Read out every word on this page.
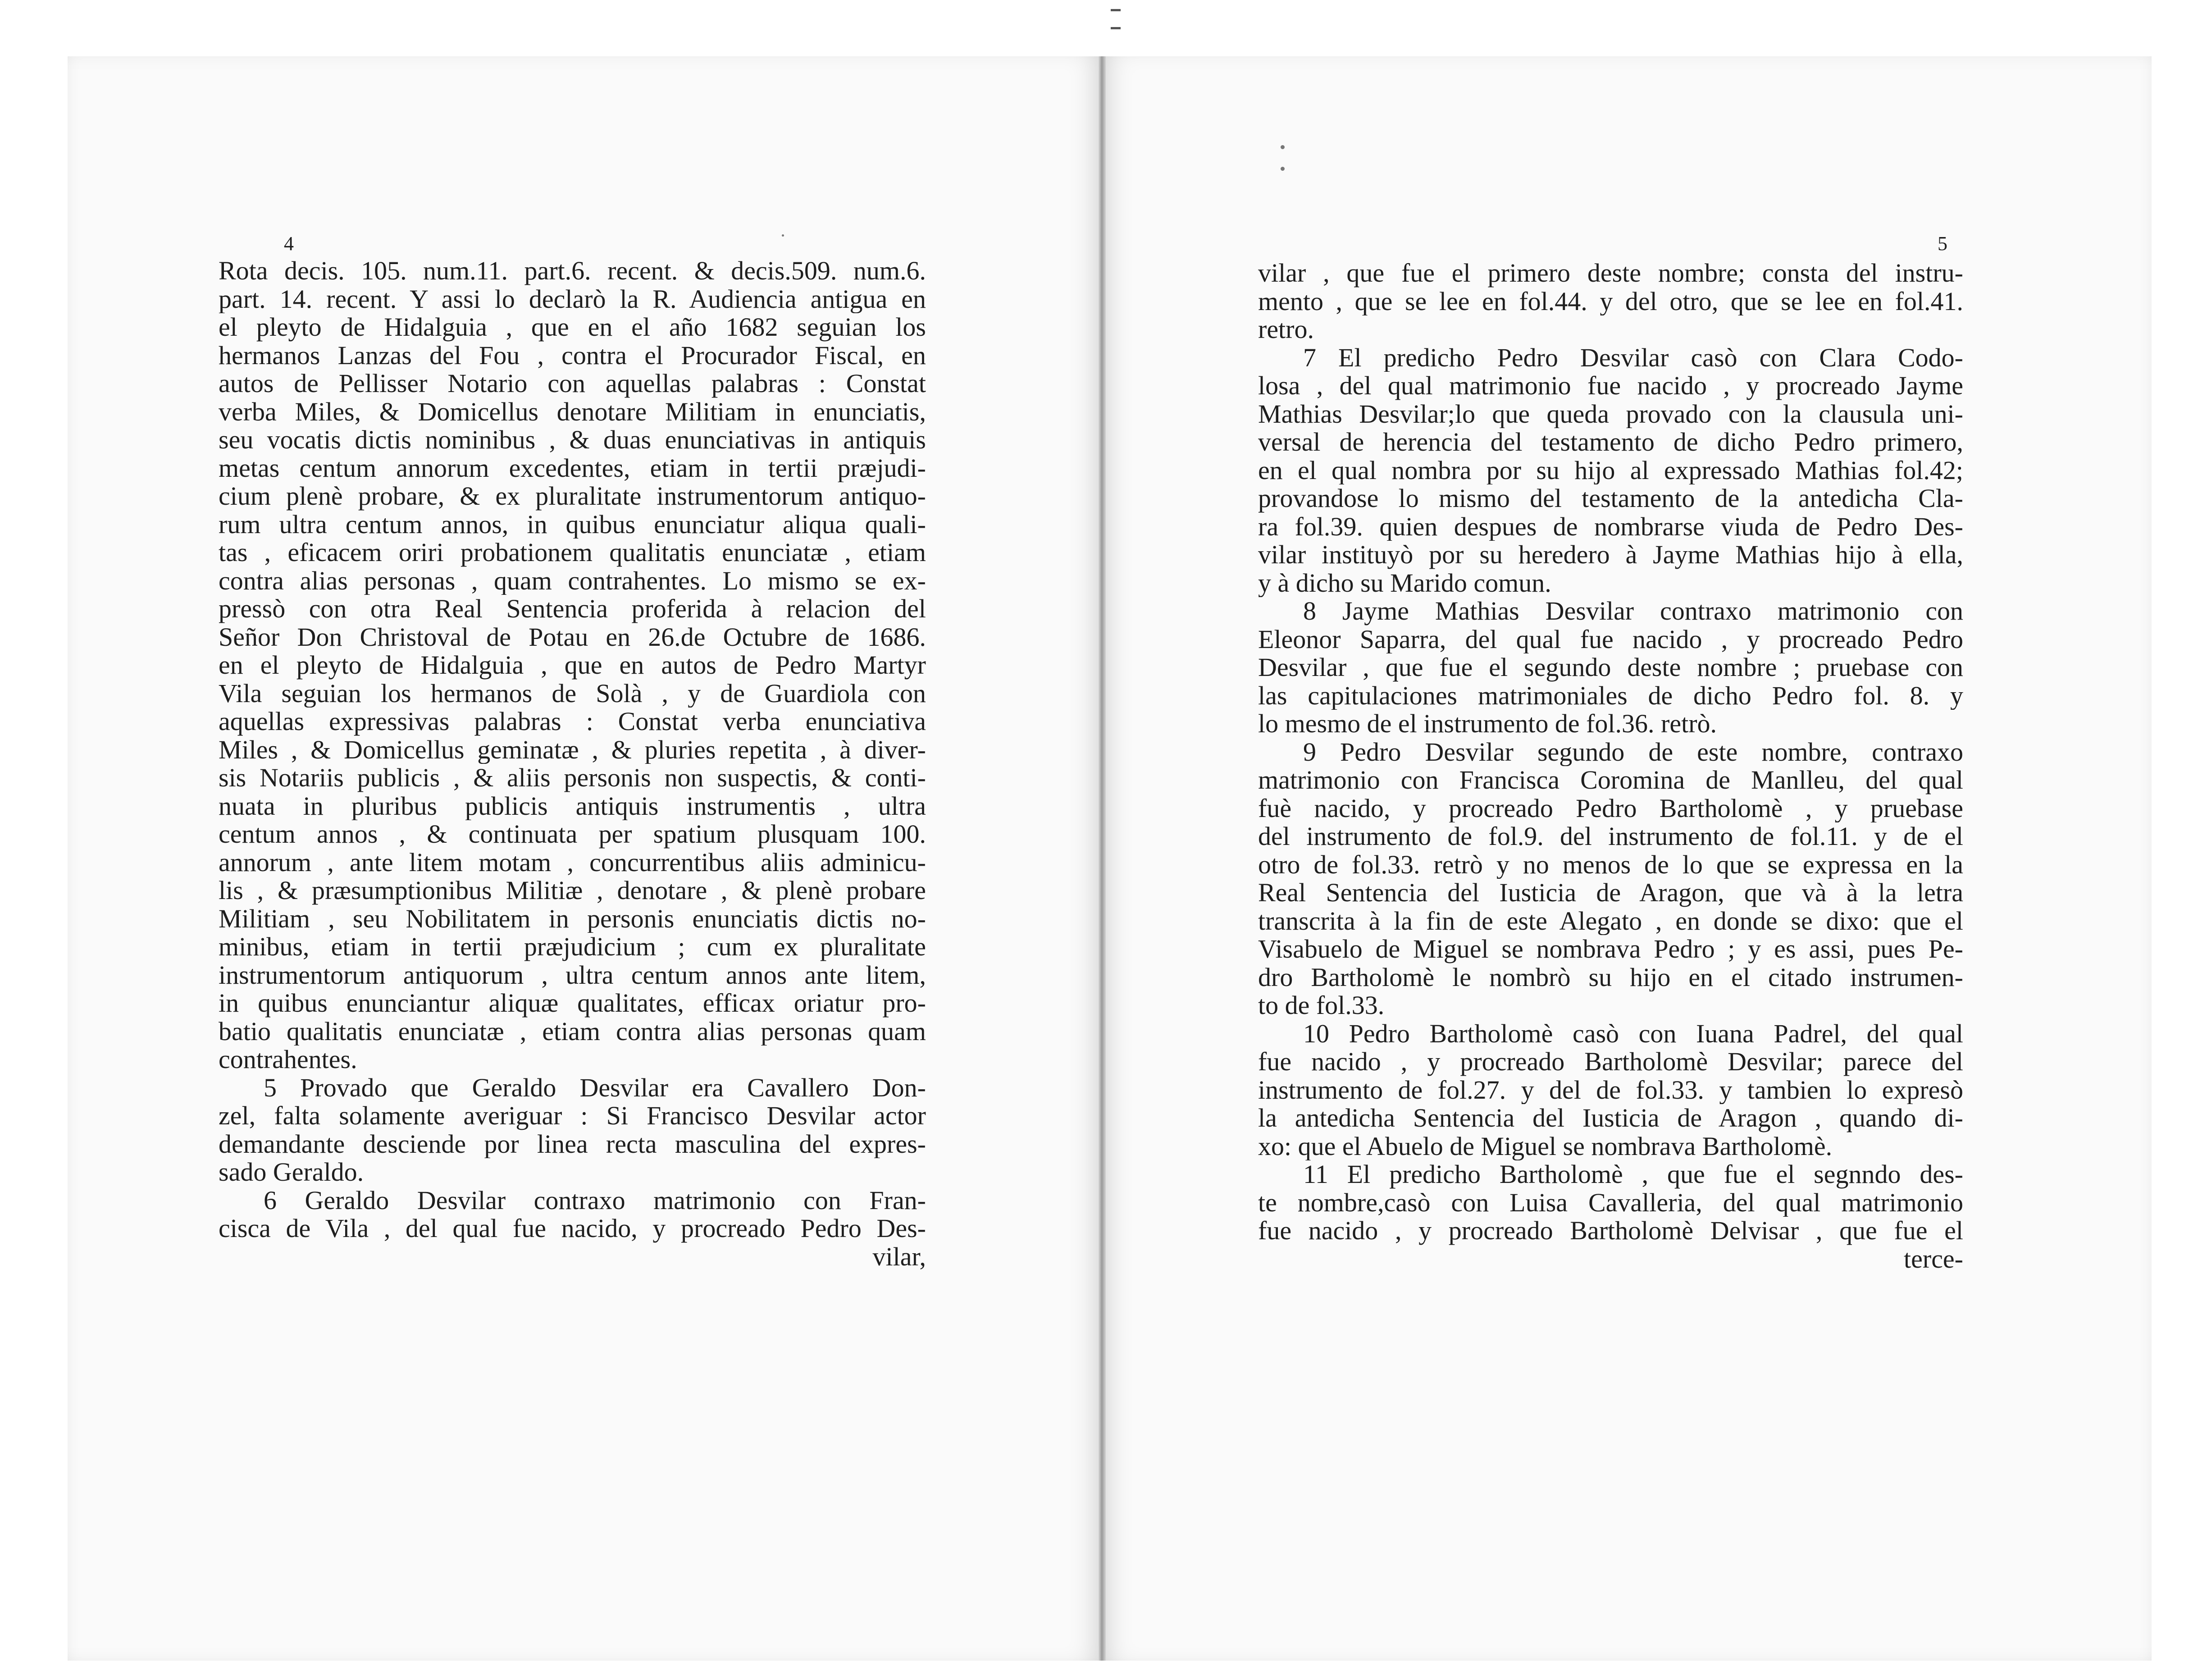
4
Rota decis. 105. num.11. part.6. recent. & decis.509. num.6.
part. 14. recent. Y assi lo declarò la R. Audiencia antigua en
el pleyto de Hidalguia , que en el año 1682 seguian los
hermanos Lanzas del Fou , contra el Procurador Fiscal, en
autos de Pellisser Notario con aquellas palabras : Constat
verba Miles, & Domicellus denotare Militiam in enunciatis,
seu vocatis dictis nominibus , & duas enunciativas in antiquis
metas centum annorum excedentes, etiam in tertii præjudi-
cium plenè probare, & ex pluralitate instrumentorum antiquo-
rum ultra centum annos, in quibus enunciatur aliqua quali-
tas , eficacem oriri probationem qualitatis enunciatæ , etiam
contra alias personas , quam contrahentes. Lo mismo se ex-
pressò con otra Real Sentencia proferida à relacion del
Señor Don Christoval de Potau en 26.de Octubre de 1686.
en el pleyto de Hidalguia , que en autos de Pedro Martyr
Vila seguian los hermanos de Solà , y de Guardiola con
aquellas expressivas palabras : Constat verba enunciativa
Miles , & Domicellus geminatæ , & pluries repetita , à diver-
sis Notariis publicis , & aliis personis non suspectis, & conti-
nuata in pluribus publicis antiquis instrumentis , ultra
centum annos , & continuata per spatium plusquam 100.
annorum , ante litem motam , concurrentibus aliis adminicu-
lis , & præsumptionibus Militiæ , denotare , & plenè probare
Militiam , seu Nobilitatem in personis enunciatis dictis no-
minibus, etiam in tertii præjudicium ; cum ex pluralitate
instrumentorum antiquorum , ultra centum annos ante litem,
in quibus enunciantur aliquæ qualitates, efficax oriatur pro-
batio qualitatis enunciatæ , etiam contra alias personas quam
contrahentes.
5 Provado que Geraldo Desvilar era Cavallero Don-
zel, falta solamente averiguar : Si Francisco Desvilar actor
demandante desciende por linea recta masculina del expres-
sado Geraldo.
6 Geraldo Desvilar contraxo matrimonio con Fran-
cisca de Vila , del qual fue nacido, y procreado Pedro Des-
vilar,
5
vilar , que fue el primero deste nombre; consta del instru-
mento , que se lee en fol.44. y del otro, que se lee en fol.41.
retro.
7 El predicho Pedro Desvilar casò con Clara Codo-
losa , del qual matrimonio fue nacido , y procreado Jayme
Mathias Desvilar;lo que queda provado con la clausula uni-
versal de herencia del testamento de dicho Pedro primero,
en el qual nombra por su hijo al expressado Mathias fol.42;
provandose lo mismo del testamento de la antedicha Cla-
ra fol.39. quien despues de nombrarse viuda de Pedro Des-
vilar instituyò por su heredero à Jayme Mathias hijo à ella,
y à dicho su Marido comun.
8 Jayme Mathias Desvilar contraxo matrimonio con
Eleonor Saparra, del qual fue nacido , y procreado Pedro
Desvilar , que fue el segundo deste nombre ; pruebase con
las capitulaciones matrimoniales de dicho Pedro fol. 8. y
lo mesmo de el instrumento de fol.36. retrò.
9 Pedro Desvilar segundo de este nombre, contraxo
matrimonio con Francisca Coromina de Manlleu, del qual
fuè nacido, y procreado Pedro Bartholomè , y pruebase
del instrumento de fol.9. del instrumento de fol.11. y de el
otro de fol.33. retrò y no menos de lo que se expressa en la
Real Sentencia del Iusticia de Aragon, que và à la letra
transcrita à la fin de este Alegato , en donde se dixo: que el
Visabuelo de Miguel se nombrava Pedro ; y es assi, pues Pe-
dro Bartholomè le nombrò su hijo en el citado instrumen-
to de fol.33.
10 Pedro Bartholomè casò con Iuana Padrel, del qual
fue nacido , y procreado Bartholomè Desvilar; parece del
instrumento de fol.27. y del de fol.33. y tambien lo expresò
la antedicha Sentencia del Iusticia de Aragon , quando di-
xo: que el Abuelo de Miguel se nombrava Bartholomè.
11 El predicho Bartholomè , que fue el segnndo des-
te nombre,casò con Luisa Cavalleria, del qual matrimonio
fue nacido , y procreado Bartholomè Delvisar , que fue el
terce-
